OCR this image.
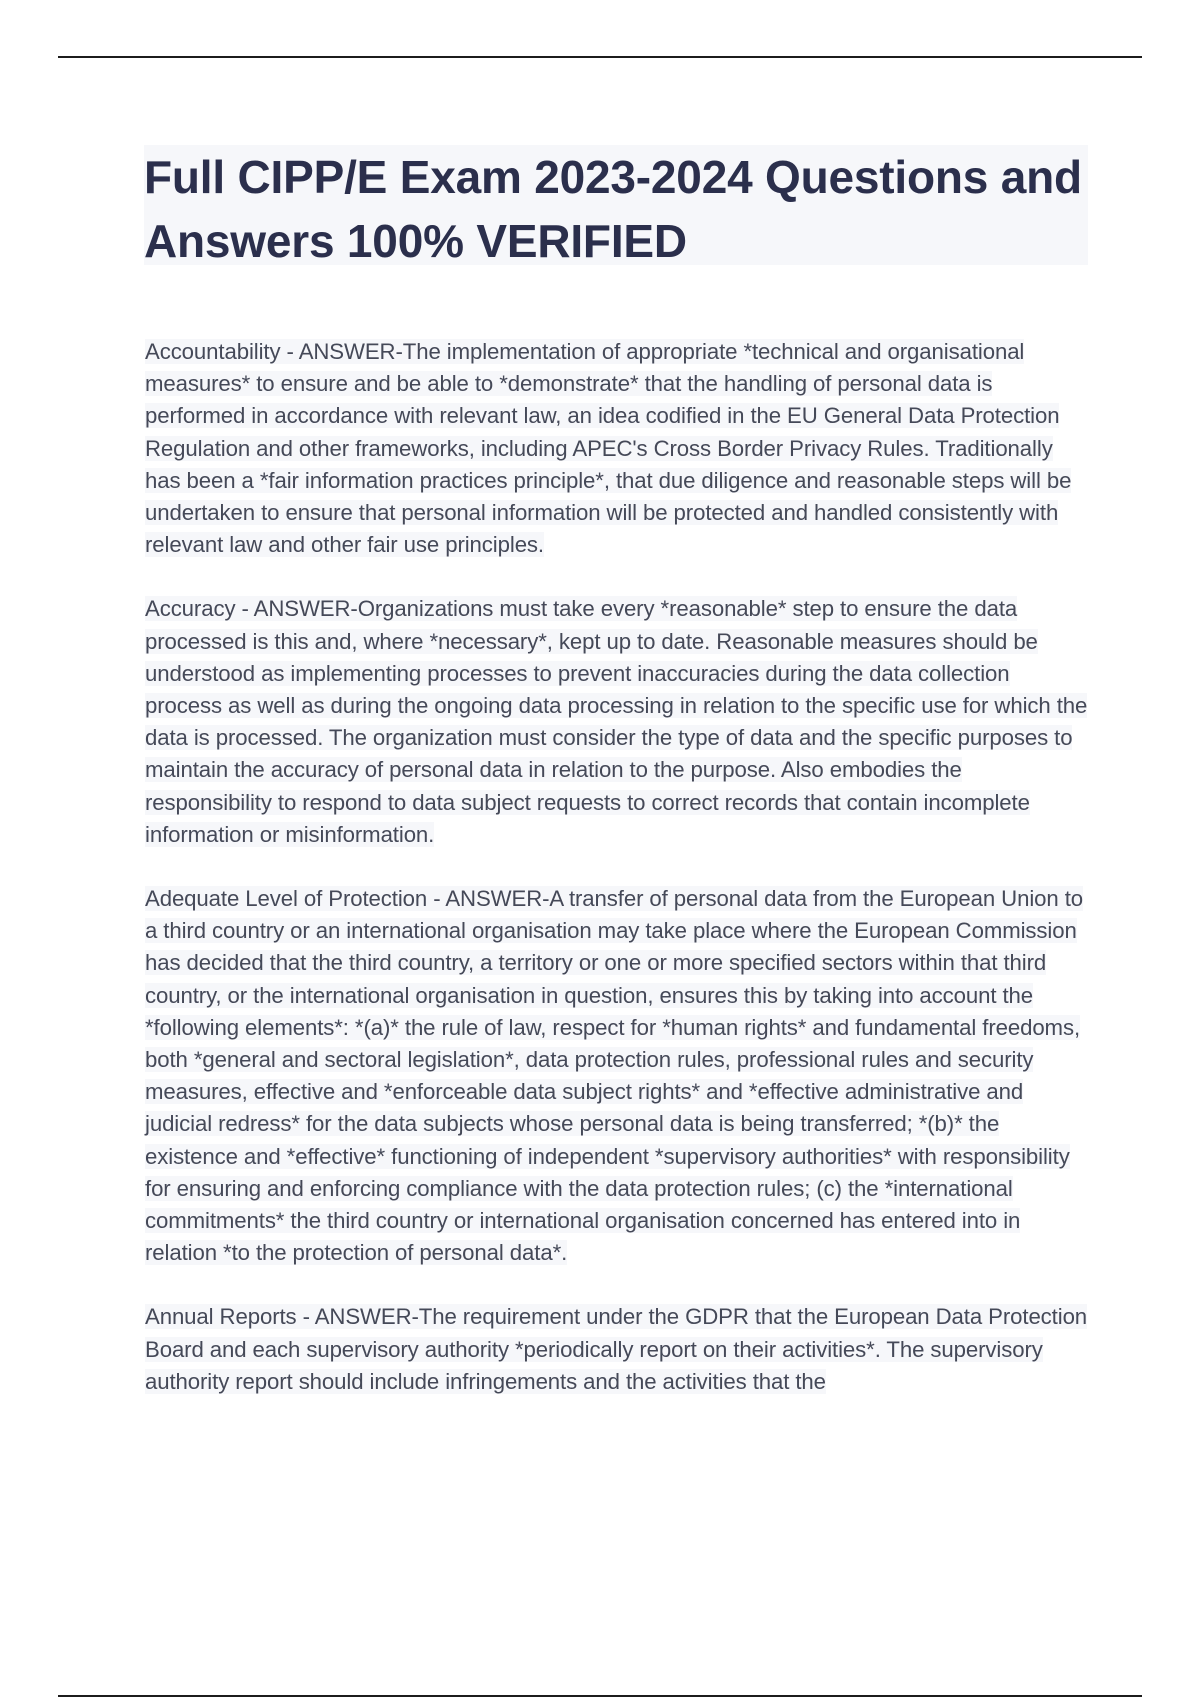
Full CIPP/E Exam 2023-2024 Questions and Answers 100% VERIFIED

Accountability - ANSWER-The implementation of appropriate *technical and organisational measures* to ensure and be able to *demonstrate* that the handling of personal data is performed in accordance with relevant law, an idea codified in the EU General Data Protection Regulation and other frameworks, including APEC's Cross Border Privacy Rules. Traditionally has been a *fair information practices principle*, that due diligence and reasonable steps will be undertaken to ensure that personal information will be protected and handled consistently with relevant law and other fair use principles.

Accuracy - ANSWER-Organizations must take every *reasonable* step to ensure the data processed is this and, where *necessary*, kept up to date. Reasonable measures should be understood as implementing processes to prevent inaccuracies during the data collection process as well as during the ongoing data processing in relation to the specific use for which the data is processed. The organization must consider the type of data and the specific purposes to maintain the accuracy of personal data in relation to the purpose. Also embodies the responsibility to respond to data subject requests to correct records that contain incomplete information or misinformation.

Adequate Level of Protection - ANSWER-A transfer of personal data from the European Union to a third country or an international organisation may take place where the European Commission has decided that the third country, a territory or one or more specified sectors within that third country, or the international organisation in question, ensures this by taking into account the *following elements*: *(a)* the rule of law, respect for *human rights* and fundamental freedoms, both *general and sectoral legislation*, data protection rules, professional rules and security measures, effective and *enforceable data subject rights* and *effective administrative and judicial redress* for the data subjects whose personal data is being transferred; *(b)* the existence and *effective* functioning of independent *supervisory authorities* with responsibility for ensuring and enforcing compliance with the data protection rules; (c) the *international commitments* the third country or international organisation concerned has entered into in relation *to the protection of personal data*.

Annual Reports - ANSWER-The requirement under the GDPR that the European Data Protection Board and each supervisory authority *periodically report on their activities*. The supervisory authority report should include infringements and the activities that the
